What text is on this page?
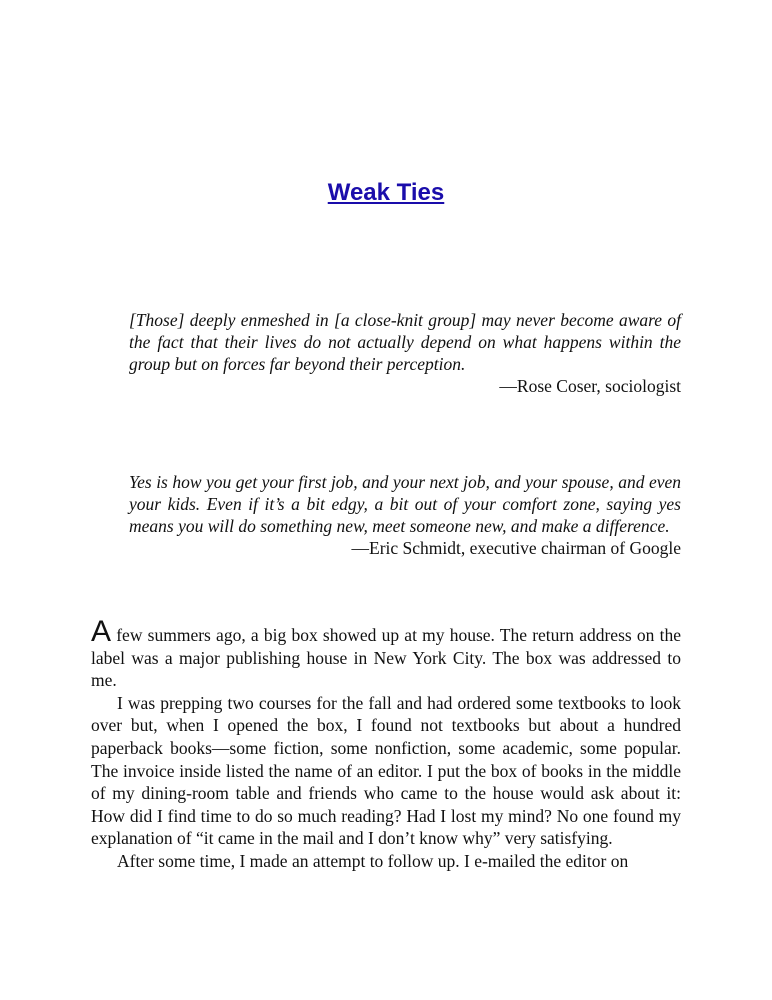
Weak Ties

[Those] deeply enmeshed in [a close-knit group] may never become aware of the fact that their lives do not actually depend on what happens within the group but on forces far beyond their perception.

—Rose Coser, sociologist

Yes is how you get your first job, and your next job, and your spouse, and even your kids. Even if it’s a bit edgy, a bit out of your comfort zone, saying yes means you will do something new, meet someone new, and make a difference.

—Eric Schmidt, executive chairman of Google

A few summers ago, a big box showed up at my house. The return address on the label was a major publishing house in New York City. The box was addressed to me.

I was prepping two courses for the fall and had ordered some textbooks to look over but, when I opened the box, I found not textbooks but about a hundred paperback books—some fiction, some nonfiction, some academic, some popular. The invoice inside listed the name of an editor. I put the box of books in the middle of my dining-room table and friends who came to the house would ask about it: How did I find time to do so much reading? Had I lost my mind? No one found my explanation of “it came in the mail and I don’t know why” very satisfying.

After some time, I made an attempt to follow up. I e-mailed the editor on
